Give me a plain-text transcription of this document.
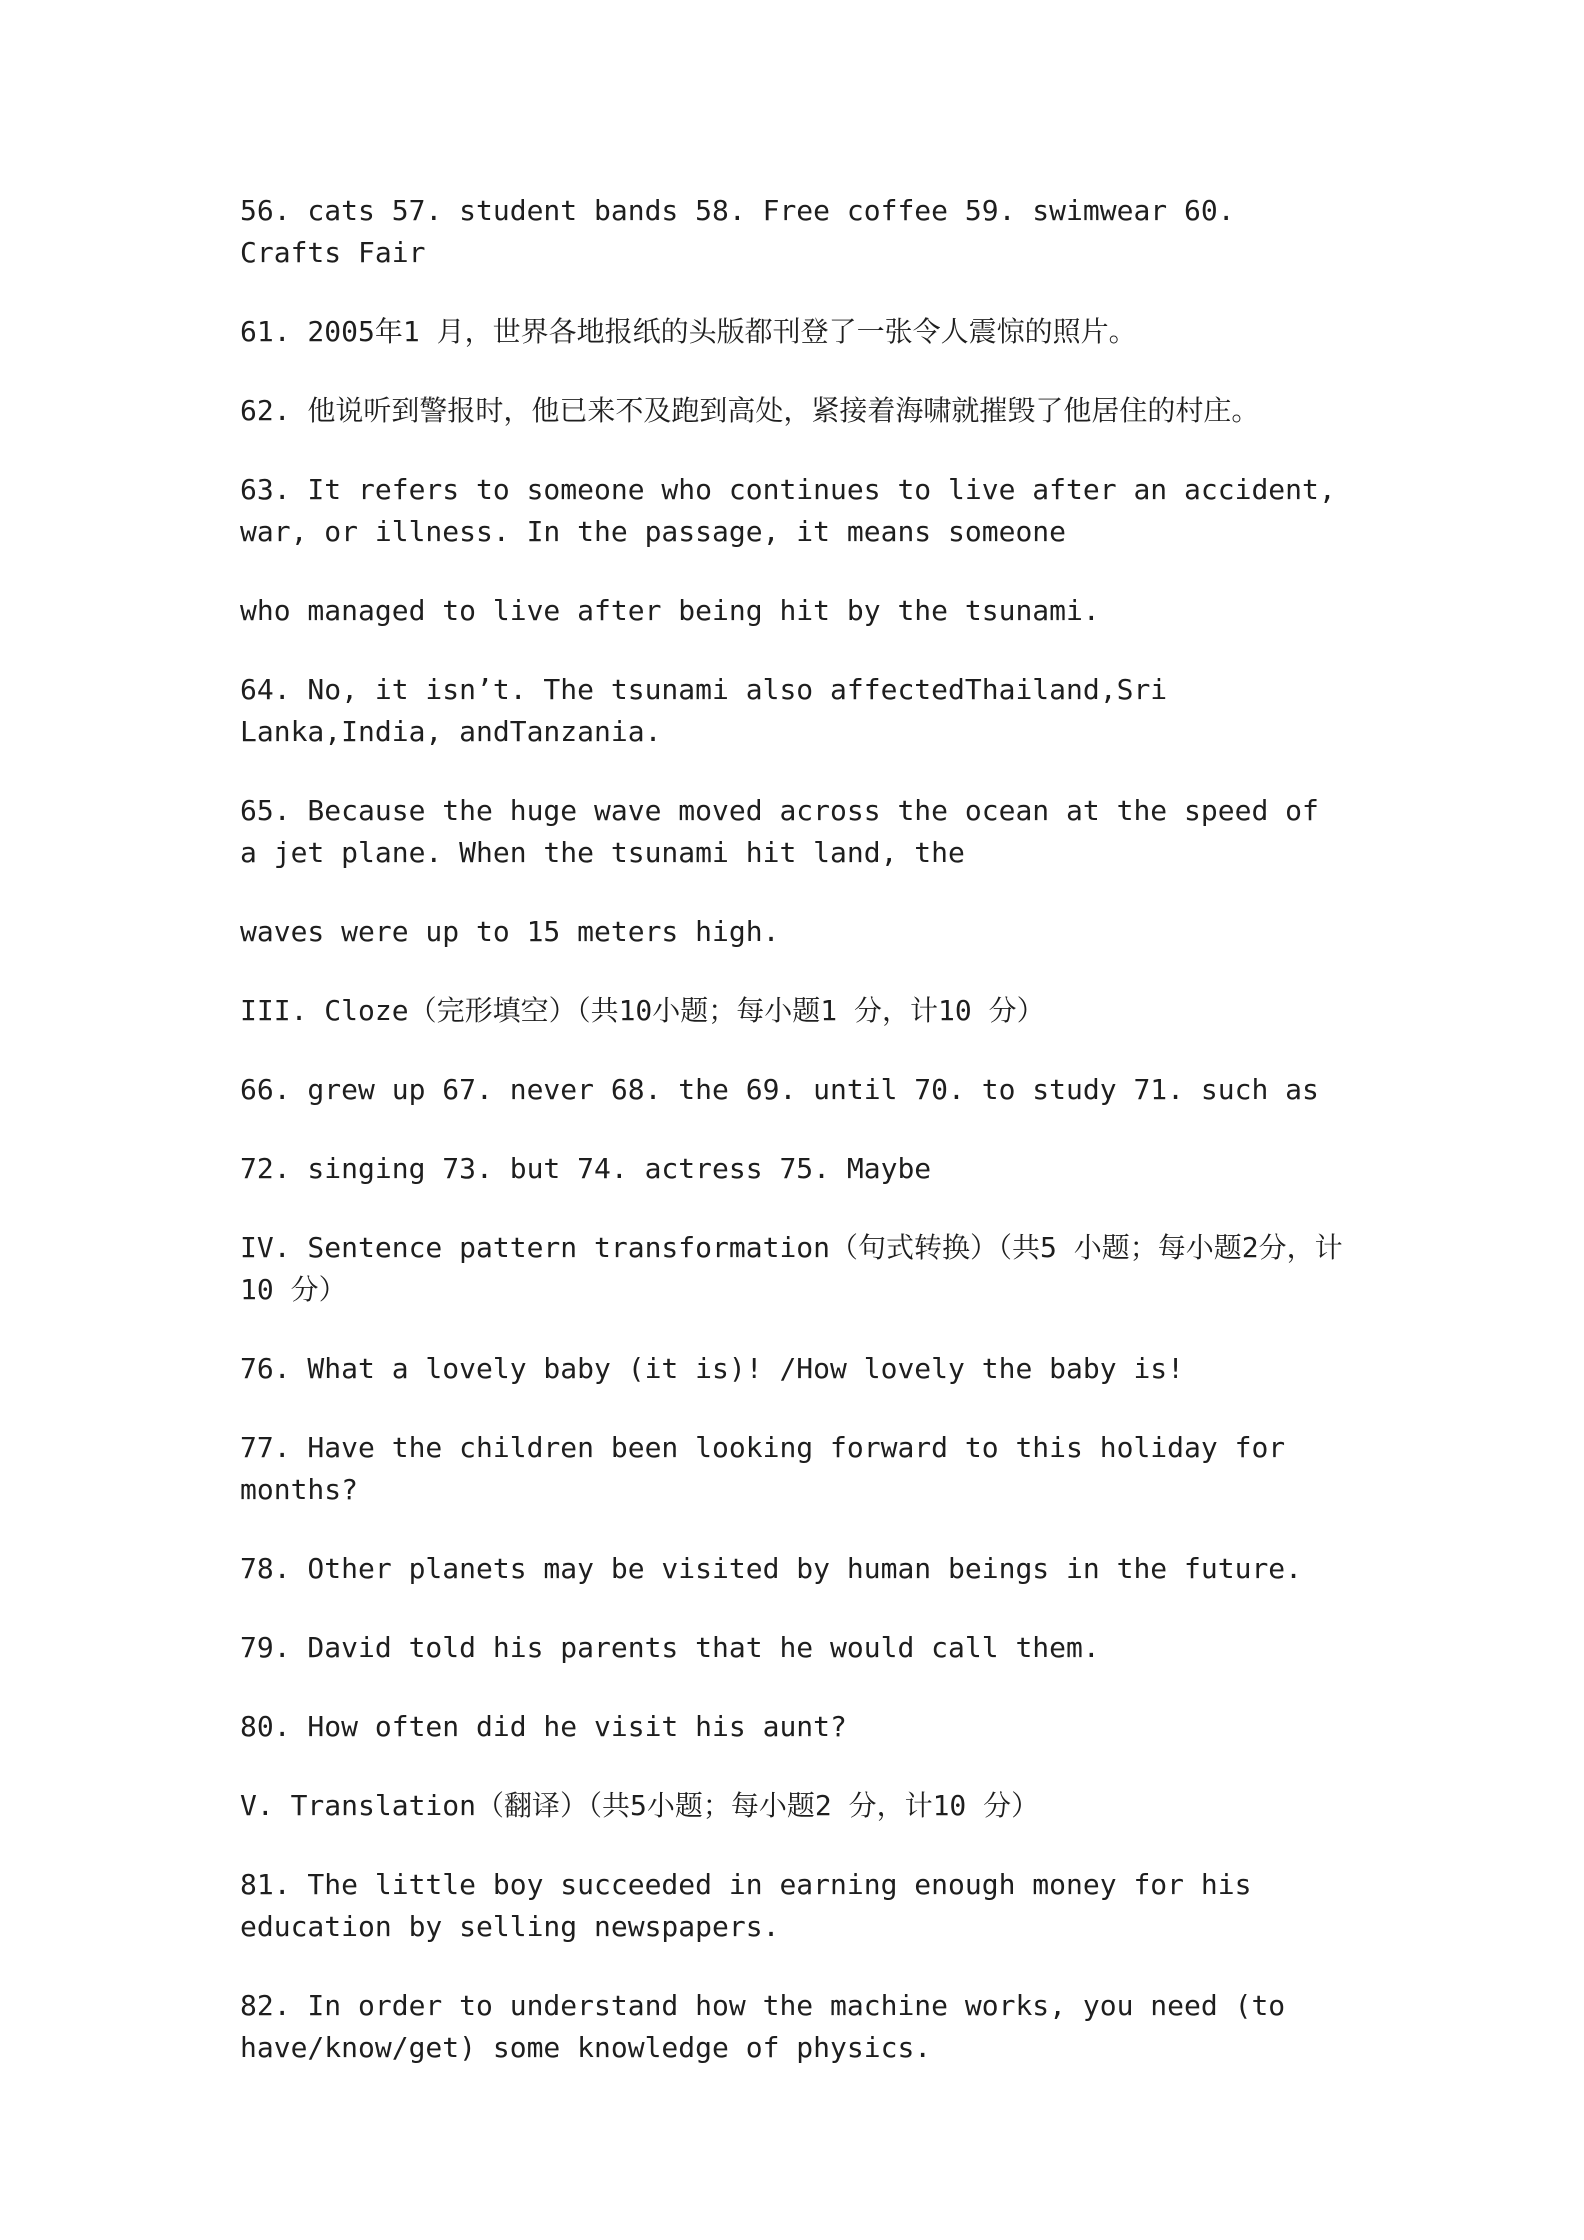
56. cats 57. student bands 58. Free coffee 59. swimwear 60. Crafts Fair

61. 2005年1 月，世界各地报纸的头版都刊登了一张令人震惊的照片。

62. 他说听到警报时，他已来不及跑到高处，紧接着海啸就摧毁了他居住的村庄。

63. It refers to someone who continues to live after an accident, war, or illness. In the passage, it means someone

who managed to live after being hit by the tsunami.

64. No, it isn’t. The tsunami also affectedThailand,Sri Lanka,India, andTanzania.

65. Because the huge wave moved across the ocean at the speed of a jet plane. When the tsunami hit land, the

waves were up to 15 meters high.

III. Cloze（完形填空）（共10小题；每小题1 分，计10 分）

66. grew up 67. never 68. the 69. until 70. to study 71. such as

72. singing 73. but 74. actress 75. Maybe

IV. Sentence pattern transformation（句式转换）（共5 小题；每小题2分，计10 分）

76. What a lovely baby (it is)! /How lovely the baby is!

77. Have the children been looking forward to this holiday for months?

78. Other planets may be visited by human beings in the future.

79. David told his parents that he would call them.

80. How often did he visit his aunt?

V. Translation（翻译）（共5小题；每小题2 分，计10 分）

81. The little boy succeeded in earning enough money for his education by selling newspapers.

82. In order to understand how the machine works, you need (to have/know/get) some knowledge of physics.
